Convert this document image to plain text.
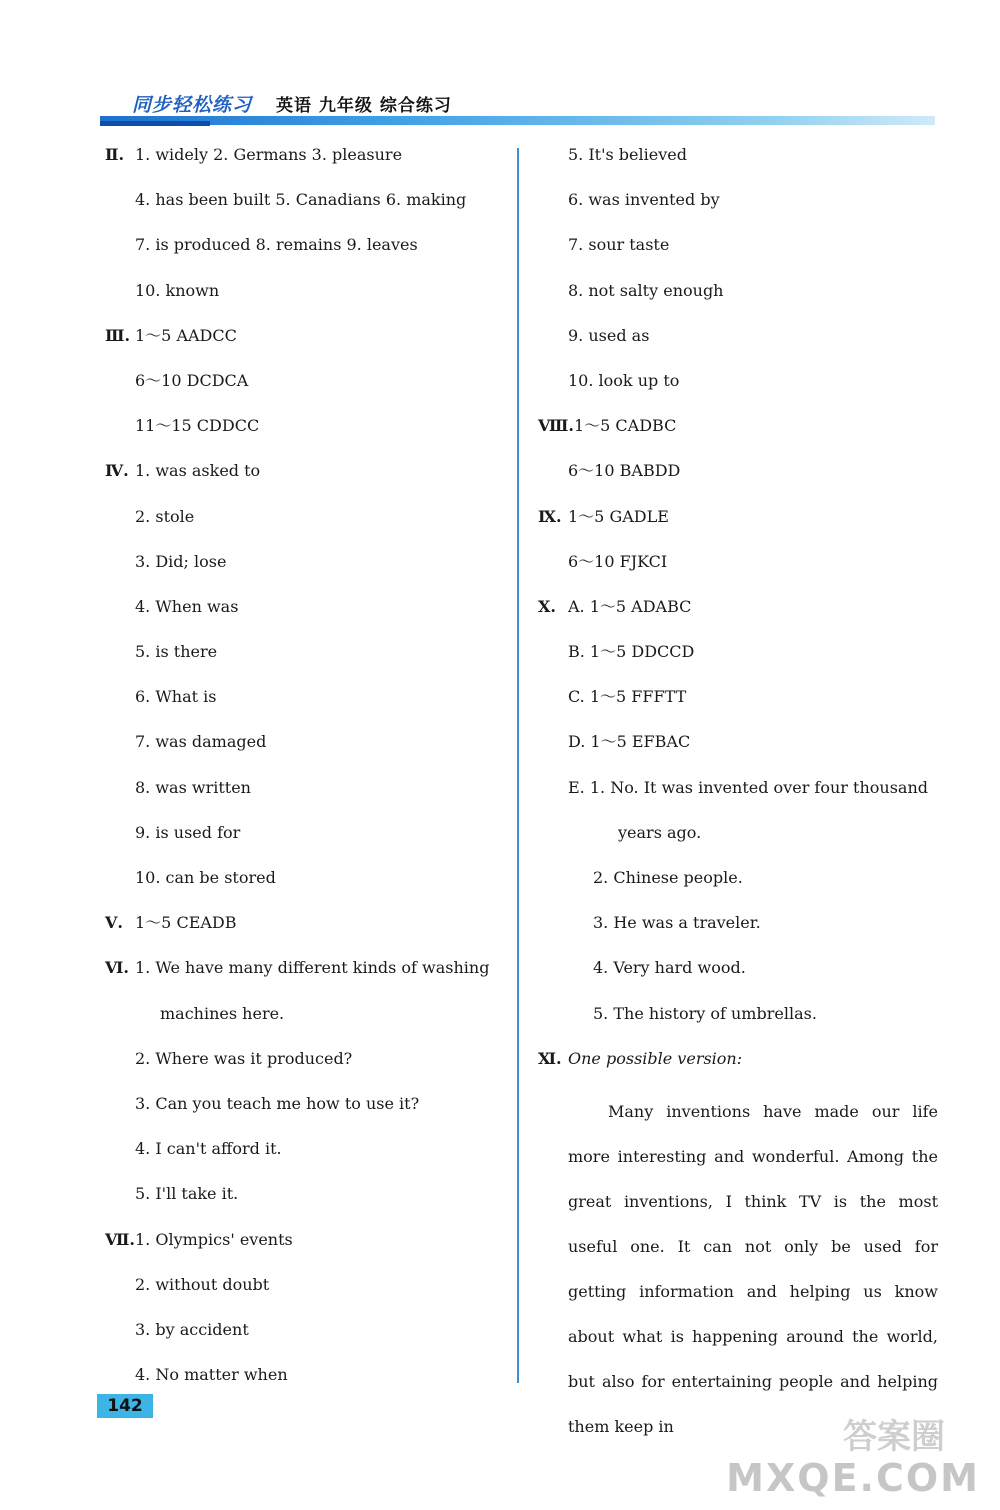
同步轻松练习 英语 九年级 综合练习
Ⅱ. 1. widely 2. Germans 3. pleasure
4. has been built 5. Canadians 6. making
7. is produced 8. remains 9. leaves
10. known
Ⅲ. 1～5 AADCC
6～10 DCDCA
11～15 CDDCC
Ⅳ. 1. was asked to
2. stole
3. Did; lose
4. When was
5. is there
6. What is
7. was damaged
8. was written
9. is used for
10. can be stored
Ⅴ. 1～5 CEADB
Ⅵ. 1. We have many different kinds of washing
machines here.
2. Where was it produced?
3. Can you teach me how to use it?
4. I can't afford it.
5. I'll take it.
Ⅶ.1. Olympics' events
2. without doubt
3. by accident
4. No matter when
5. It's believed
6. was invented by
7. sour taste
8. not salty enough
9. used as
10. look up to
Ⅷ.1～5 CADBC
6～10 BABDD
Ⅸ. 1～5 GADLE
6～10 FJKCI
Ⅹ. A. 1～5 ADABC
B. 1～5 DDCCD
C. 1～5 FFFTT
D. 1～5 EFBAC
E. 1. No. It was invented over four thousand
years ago.
2. Chinese people.
3. He was a traveler.
4. Very hard wood.
5. The history of umbrellas.
Ⅺ. One possible version:

Many inventions have made our life more interesting and wonderful. Among the great inventions, I think TV is the most useful one. It can not only be used for getting information and helping us know about what is happening around the world, but also for entertaining people and helping them keep in

142
答案圈
MXQE.COM
